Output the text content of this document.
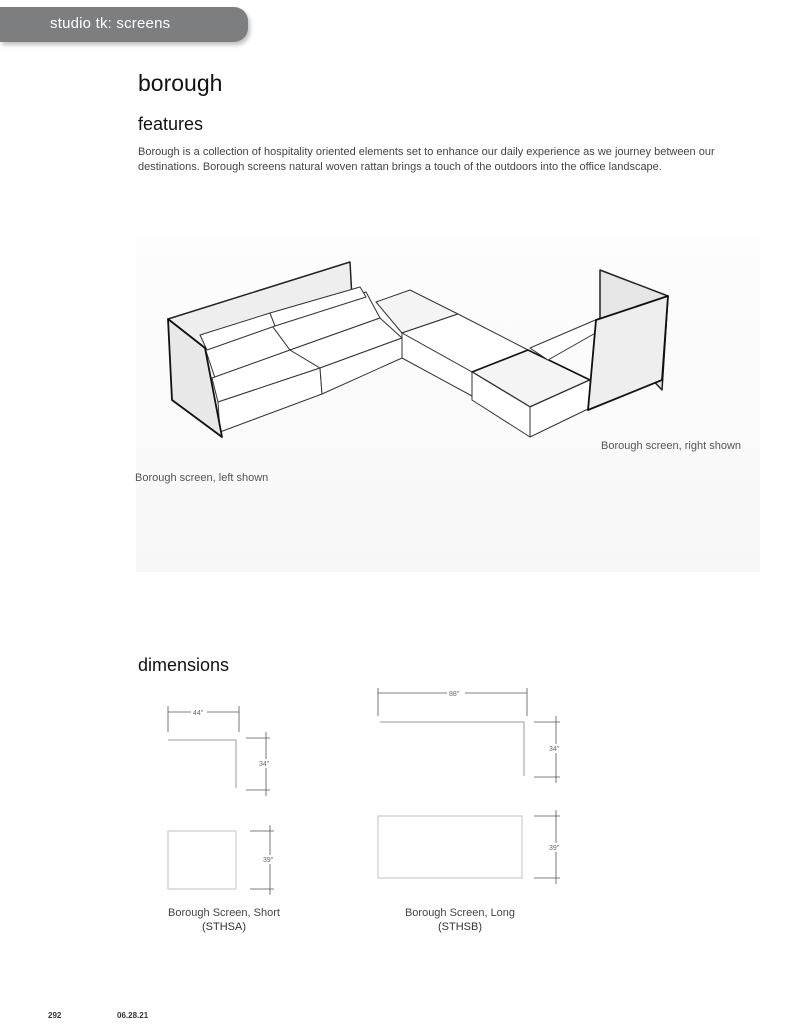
studio tk: screens
borough
features
Borough is a collection of hospitality oriented elements set to enhance our daily experience as we journey between our destinations. Borough screens natural woven rattan brings a touch of the outdoors into the office landscape.
Borough screen, right shown
Borough screen, left shown
dimensions
44"
34"
39"
88"
34"
39"
Borough Screen, Short
(STHSA)
Borough Screen, Long
(STHSB)
292	06.28.21
